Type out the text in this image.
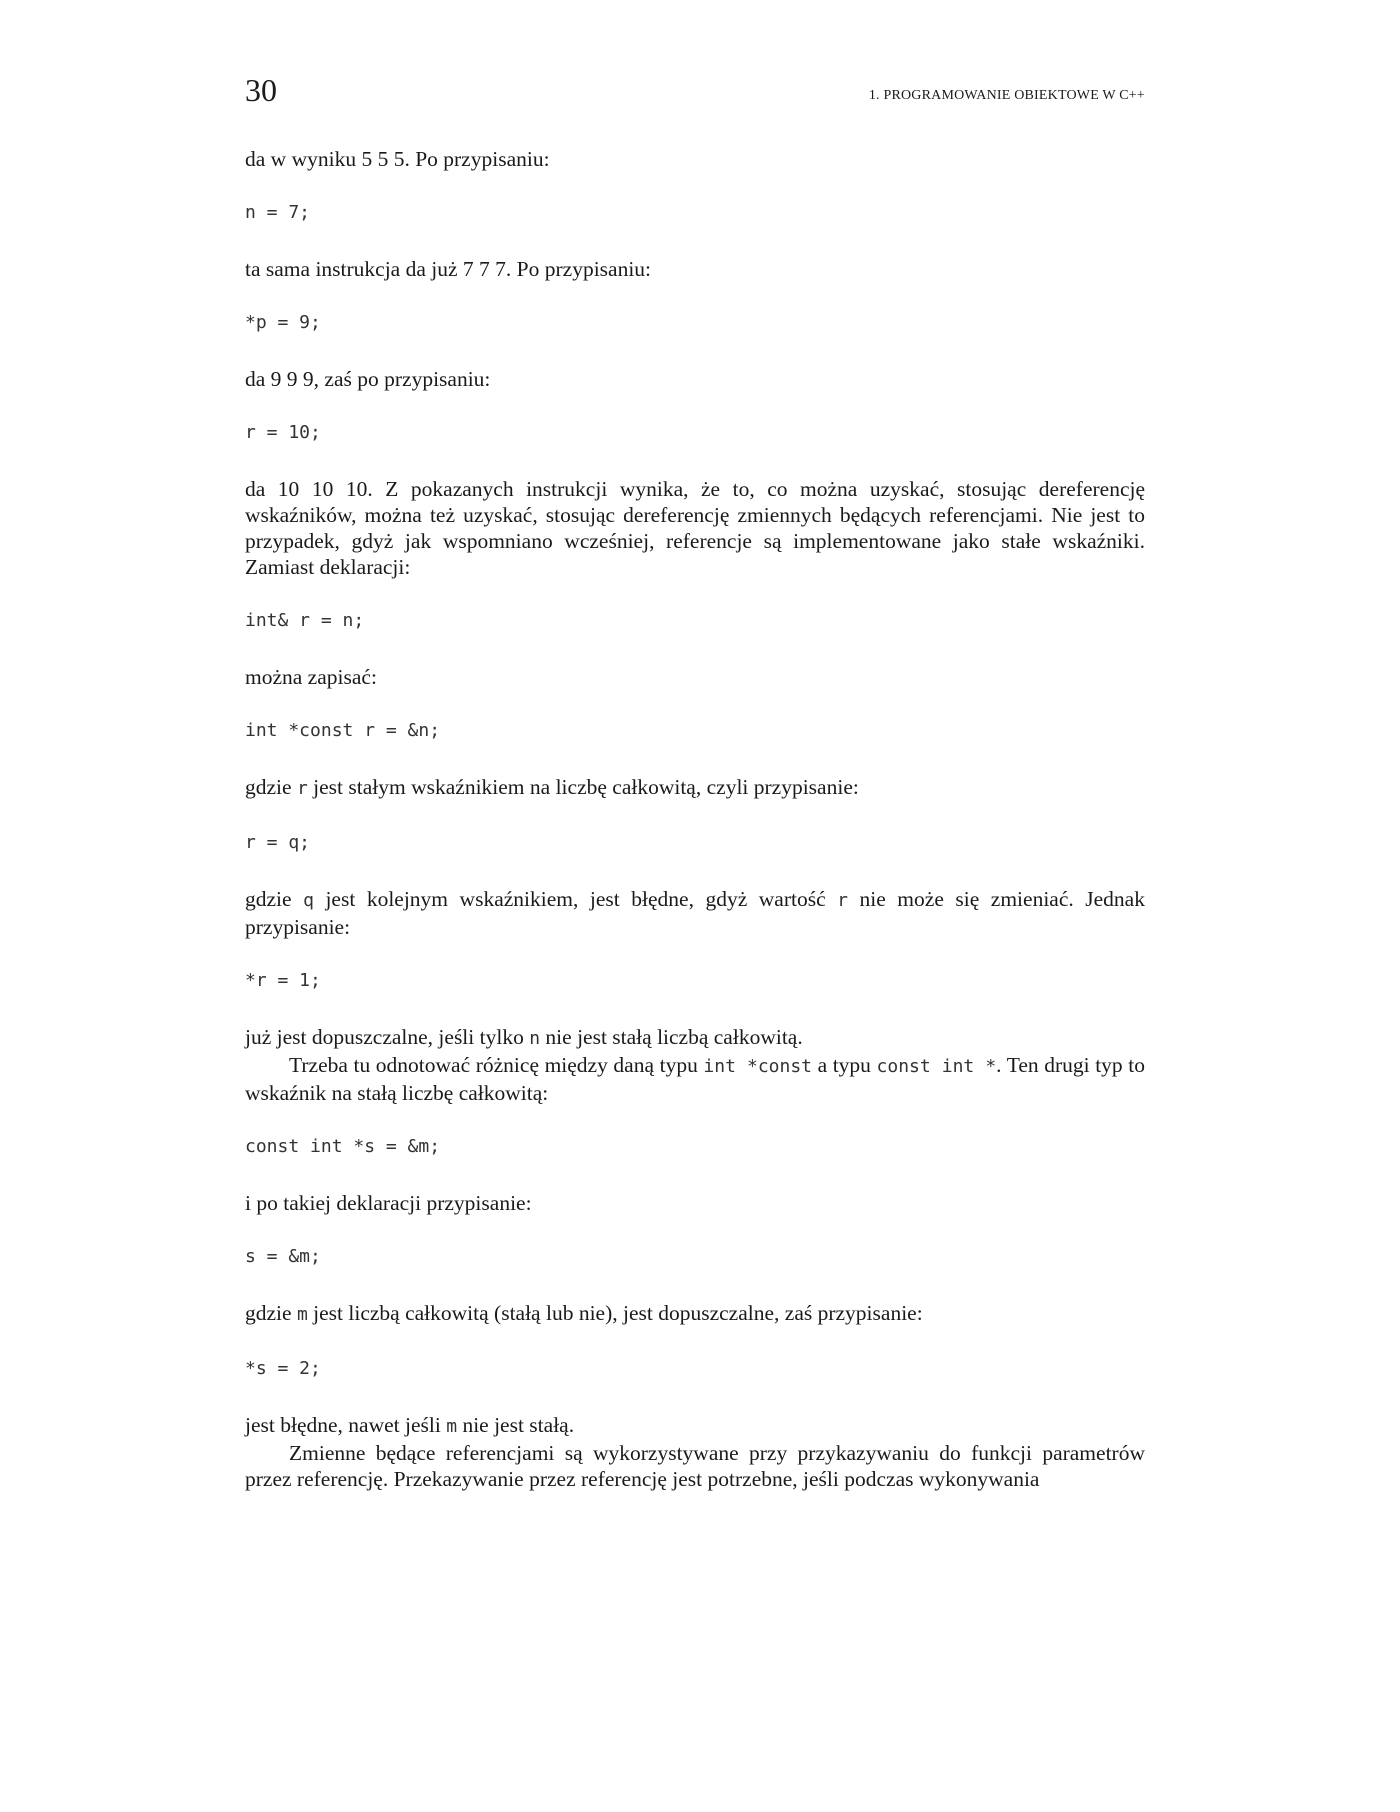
30	1. PROGRAMOWANIE OBIEKTOWE W C++

da w wyniku 5 5 5. Po przypisaniu:

n = 7;

ta sama instrukcja da już 7 7 7. Po przypisaniu:

*p = 9;

da 9 9 9, zaś po przypisaniu:

r = 10;

da 10 10 10. Z pokazanych instrukcji wynika, że to, co można uzyskać, stosując dereferencję wskaźników, można też uzyskać, stosując dereferencję zmiennych będących referencjami. Nie jest to przypadek, gdyż jak wspomniano wcześniej, referencje są implementowane jako stałe wskaźniki. Zamiast deklaracji:

int& r = n;

można zapisać:

int *const r = &n;

gdzie r jest stałym wskaźnikiem na liczbę całkowitą, czyli przypisanie:

r = q;

gdzie q jest kolejnym wskaźnikiem, jest błędne, gdyż wartość r nie może się zmieniać. Jednak przypisanie:

*r = 1;

już jest dopuszczalne, jeśli tylko n nie jest stałą liczbą całkowitą.

Trzeba tu odnotować różnicę między daną typu int *const a typu const int *. Ten drugi typ to wskaźnik na stałą liczbę całkowitą:

const int *s = &m;

i po takiej deklaracji przypisanie:

s = &m;

gdzie m jest liczbą całkowitą (stałą lub nie), jest dopuszczalne, zaś przypisanie:

*s = 2;

jest błędne, nawet jeśli m nie jest stałą.

Zmienne będące referencjami są wykorzystywane przy przykazywaniu do funkcji parametrów przez referencję. Przekazywanie przez referencję jest potrzebne, jeśli podczas wykonywania
